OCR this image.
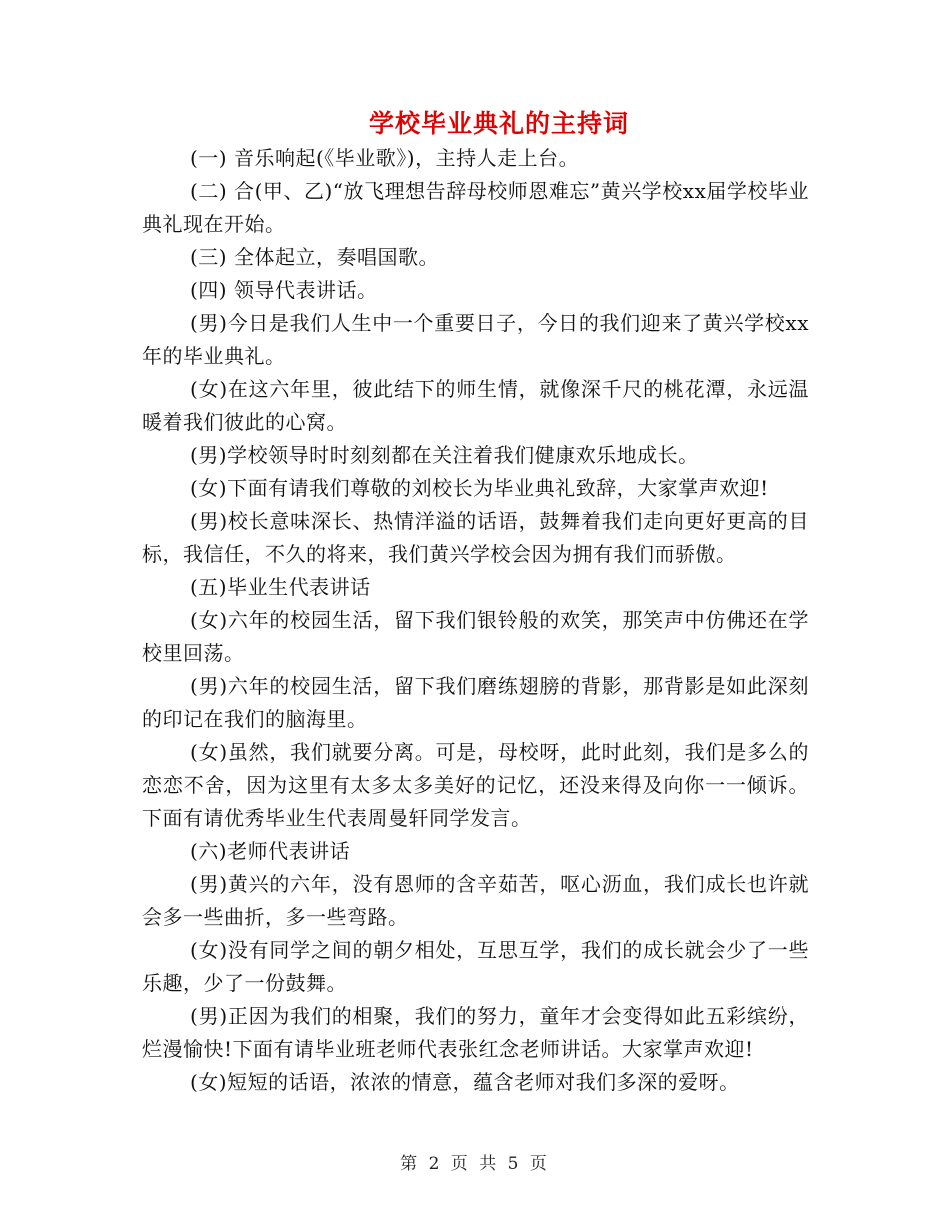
学校毕业典礼的主持词

(一) 音乐响起(《毕业歌》)，主持人走上台。

(二) 合(甲、乙)“放飞理想告辞母校师恩难忘”黄兴学校xx届学校毕业典礼现在开始。

(三) 全体起立，奏唱国歌。

(四) 领导代表讲话。

(男)今日是我们人生中一个重要日子，今日的我们迎来了黄兴学校xx年的毕业典礼。

(女)在这六年里，彼此结下的师生情，就像深千尺的桃花潭，永远温暖着我们彼此的心窝。

(男)学校领导时时刻刻都在关注着我们健康欢乐地成长。

(女)下面有请我们尊敬的刘校长为毕业典礼致辞，大家掌声欢迎!

(男)校长意味深长、热情洋溢的话语，鼓舞着我们走向更好更高的目标，我信任，不久的将来，我们黄兴学校会因为拥有我们而骄傲。

(五)毕业生代表讲话

(女)六年的校园生活，留下我们银铃般的欢笑，那笑声中仿佛还在学校里回荡。

(男)六年的校园生活，留下我们磨练翅膀的背影，那背影是如此深刻的印记在我们的脑海里。

(女)虽然，我们就要分离。可是，母校呀，此时此刻，我们是多么的恋恋不舍，因为这里有太多太多美好的记忆，还没来得及向你一一倾诉。下面有请优秀毕业生代表周曼轩同学发言。

(六)老师代表讲话

(男)黄兴的六年，没有恩师的含辛茹苦，呕心沥血，我们成长也许就会多一些曲折，多一些弯路。

(女)没有同学之间的朝夕相处，互思互学，我们的成长就会少了一些乐趣，少了一份鼓舞。

(男)正因为我们的相聚，我们的努力，童年才会变得如此五彩缤纷，烂漫愉快!下面有请毕业班老师代表张红念老师讲话。大家掌声欢迎!

(女)短短的话语，浓浓的情意，蕴含老师对我们多深的爱呀。

第 2 页 共 5 页
